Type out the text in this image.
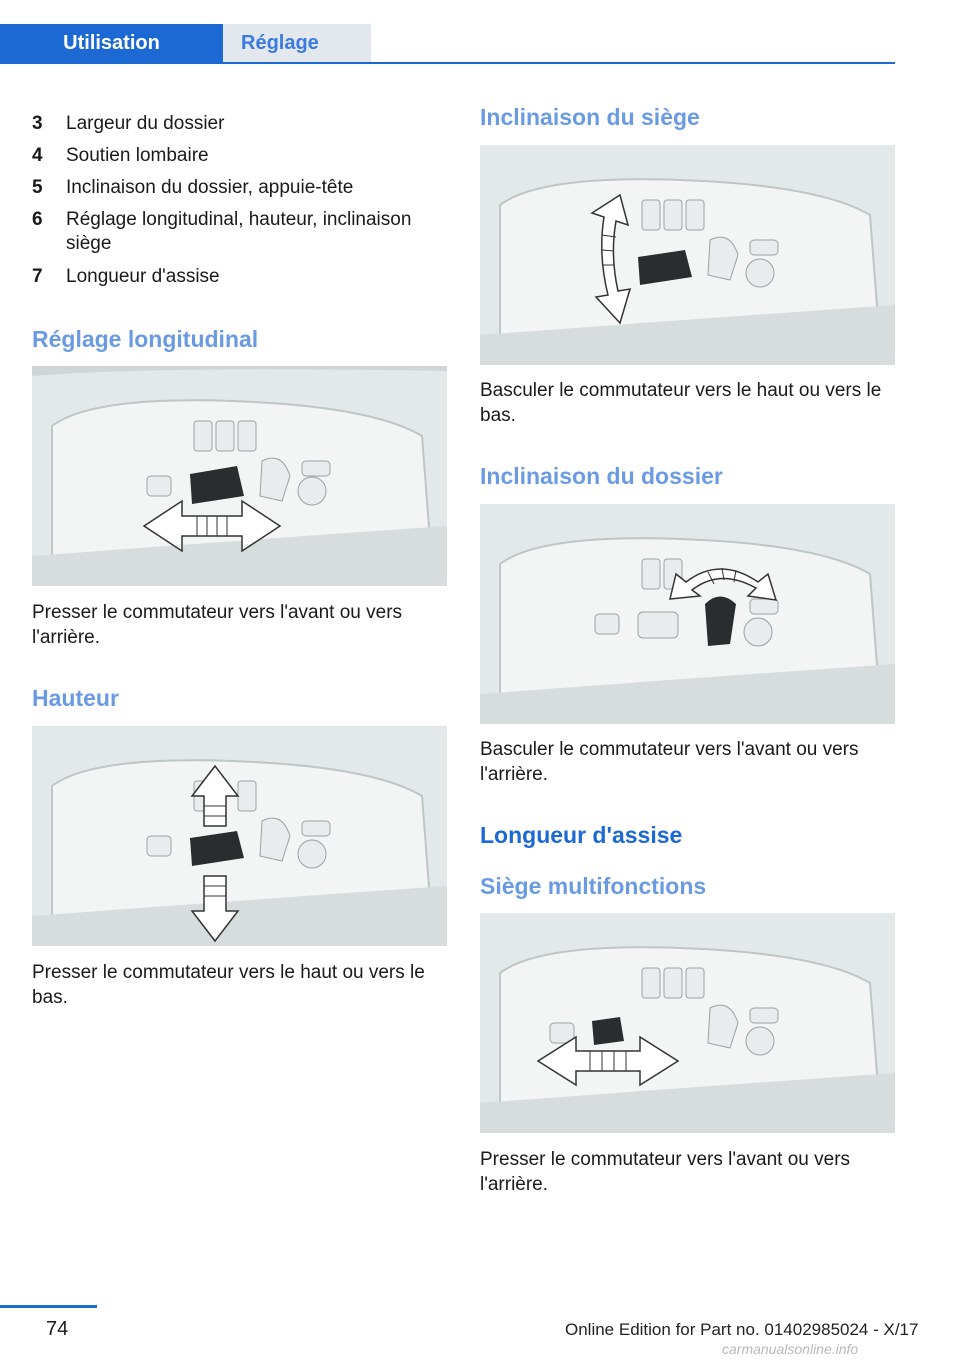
Utilisation	Réglage
3	Largeur du dossier
4	Soutien lombaire
5	Inclinaison du dossier, appuie-tête
6	Réglage longitudinal, hauteur, inclinaison siège
7	Longueur d'assise
Réglage longitudinal
Presser le commutateur vers l'avant ou vers l'arrière.
Hauteur
Presser le commutateur vers le haut ou vers le bas.
Inclinaison du siège
Basculer le commutateur vers le haut ou vers le bas.
Inclinaison du dossier
Basculer le commutateur vers l'avant ou vers l'arrière.
Longueur d'assise
Siège multifonctions
Presser le commutateur vers l'avant ou vers l'arrière.
74	Online Edition for Part no. 01402985024 - X/17
carmanualsonline.info
